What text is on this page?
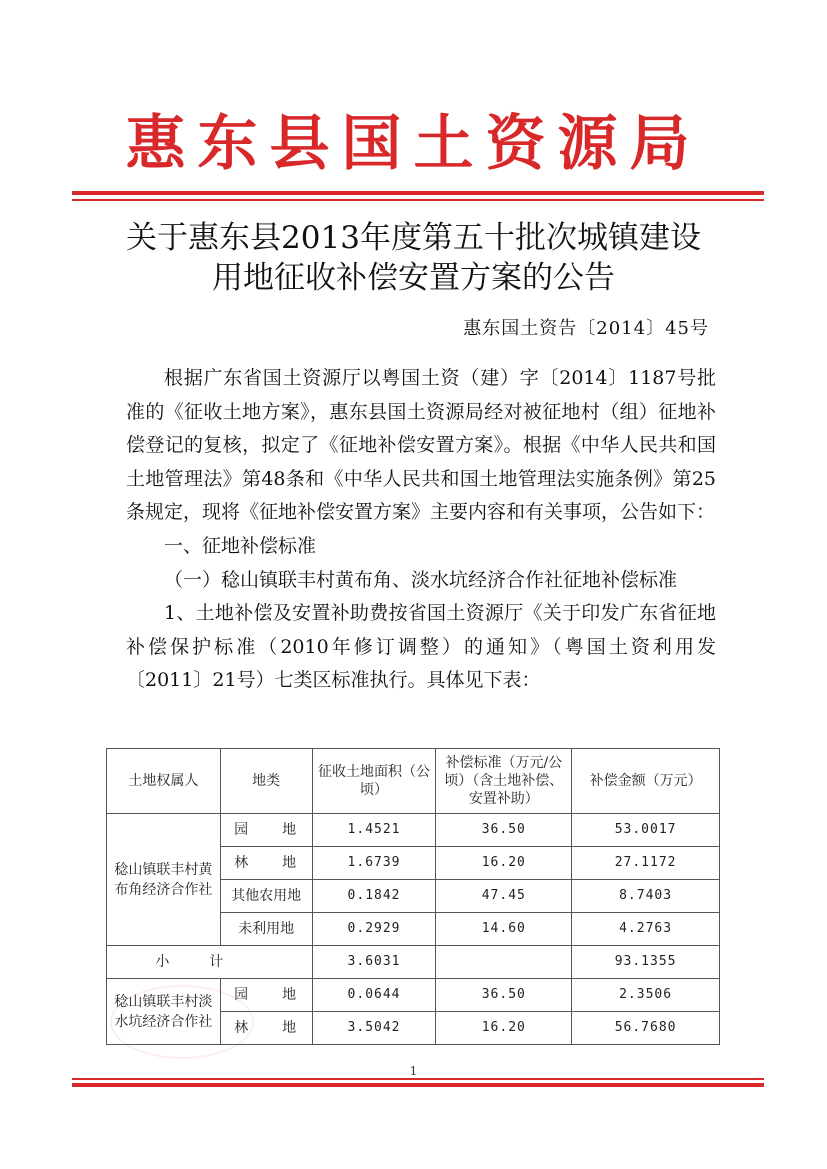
惠东县国土资源局
关于惠东县2013年度第五十批次城镇建设
用地征收补偿安置方案的公告
惠东国土资告〔2014〕45号

根据广东省国土资源厅以粤国土资（建）字〔2014〕1187号批准的《征收土地方案》，惠东县国土资源局经对被征地村（组）征地补偿登记的复核，拟定了《征地补偿安置方案》。根据《中华人民共和国土地管理法》第48条和《中华人民共和国土地管理法实施条例》第25条规定，现将《征地补偿安置方案》主要内容和有关事项，公告如下：

一、征地补偿标准

（一）稔山镇联丰村黄布角、淡水坑经济合作社征地补偿标准

1、土地补偿及安置补助费按省国土资源厅《关于印发广东省征地补偿保护标准（2010年修订调整）的通知》（粤国土资利用发〔2011〕21号）七类区标准执行。具体见下表：

土地权属人	地类	征收土地面积（公顷）	补偿标准（万元/公顷）（含土地补偿、安置补助）	补偿金额（万元）
稔山镇联丰村黄布角经济合作社	园　　地	1.4521	36.50	53.0017
	林　　地	1.6739	16.20	27.1172
	其他农用地	0.1842	47.45	8.7403
	未利用地	0.2929	14.60	4.2763
小计		3.6031		93.1355
稔山镇联丰村淡水坑经济合作社	园　　地	0.0644	36.50	2.3506
	林　　地	3.5042	16.20	56.7680
1
